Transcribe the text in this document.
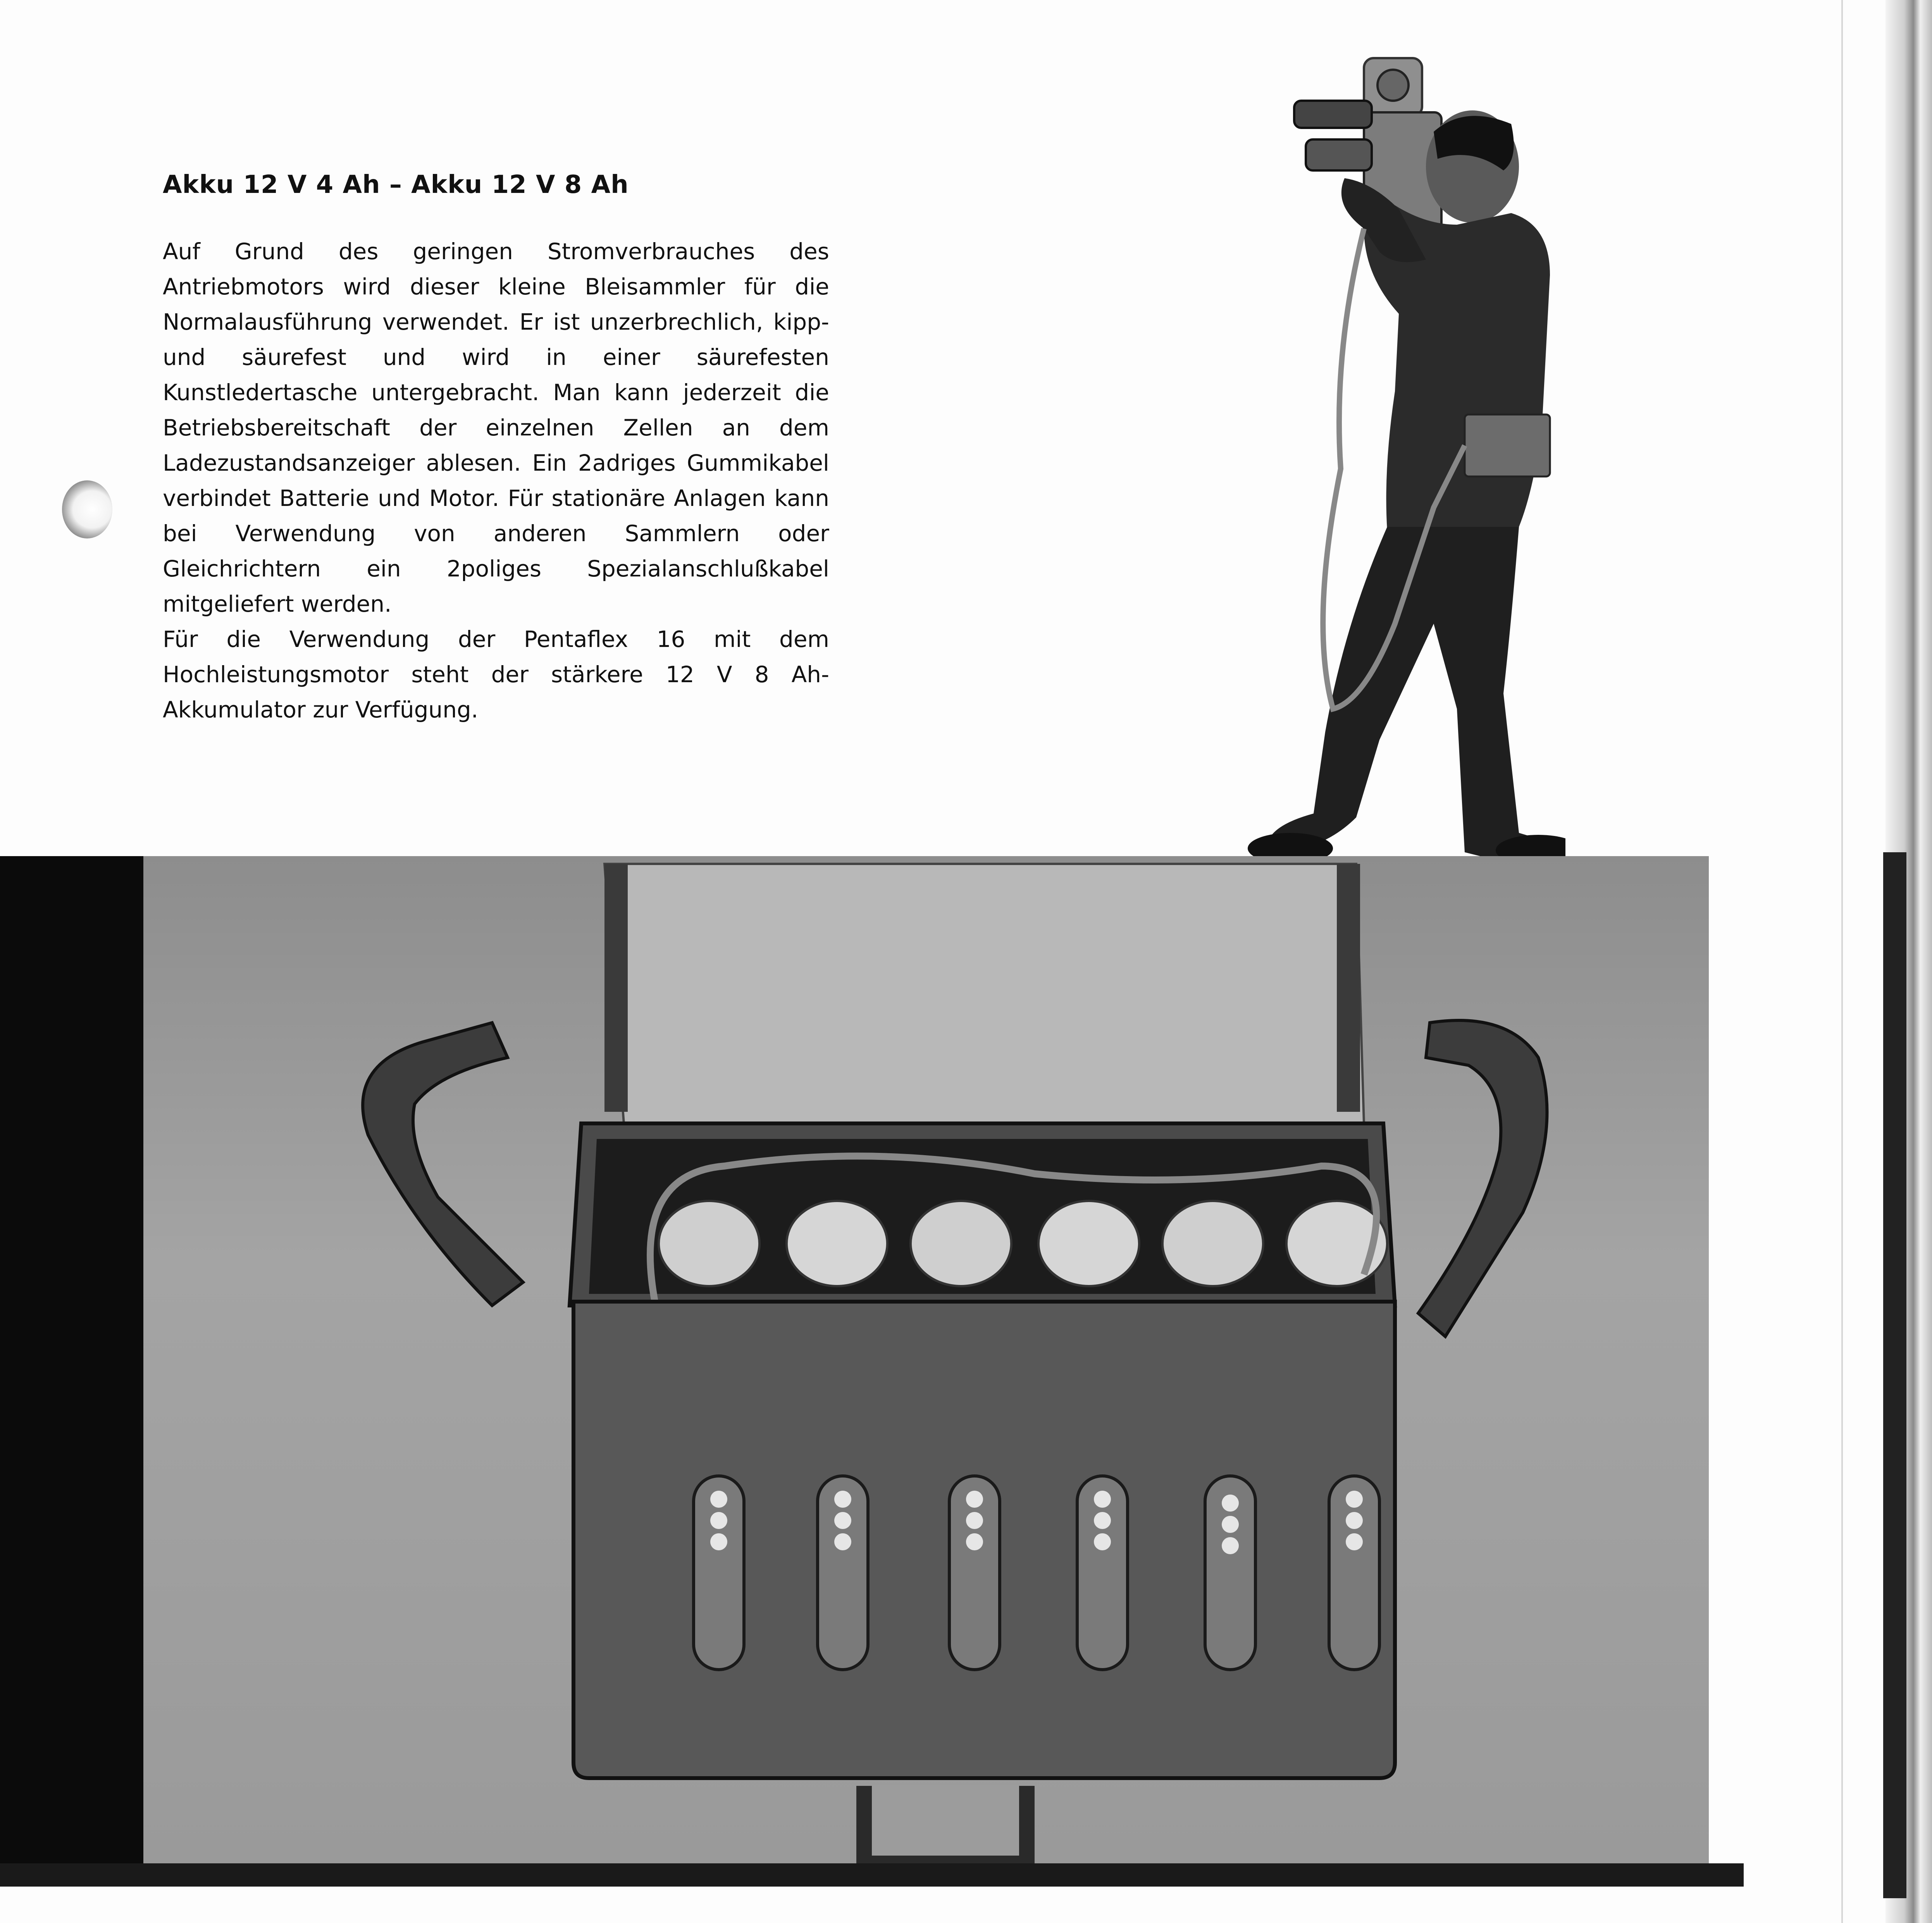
Akku 12 V 4 Ah – Akku 12 V 8 Ah

Auf Grund des geringen Stromverbrauches des Antriebmotors wird dieser kleine Bleisammler für die Normalausführung verwendet. Er ist unzerbrechlich, kipp- und säurefest und wird in einer säurefesten Kunstledertasche untergebracht. Man kann jederzeit die Betriebsbereitschaft der einzelnen Zellen an dem Ladezustandsanzeiger ablesen. Ein 2adriges Gummikabel verbindet Batterie und Motor. Für stationäre Anlagen kann bei Verwendung von anderen Sammlern oder Gleichrichtern ein 2poliges Spezialanschlußkabel mitgeliefert werden.

Für die Verwendung der Pentaflex 16 mit dem Hochleistungsmotor steht der stärkere 12 V 8 Ah-Akkumulator zur Verfügung.
